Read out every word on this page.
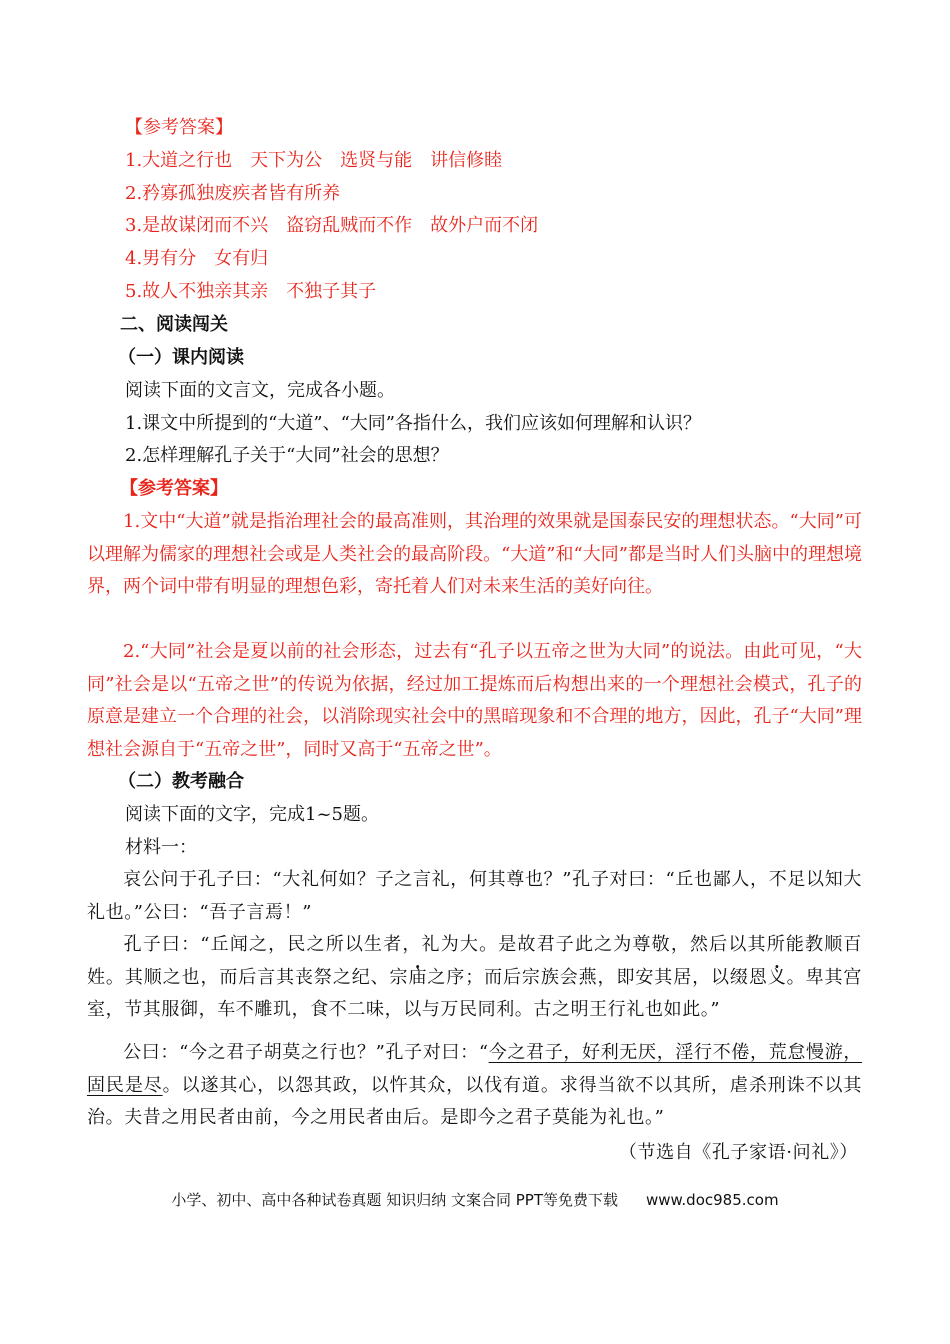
【参考答案】
1.大道之行也　天下为公　选贤与能　讲信修睦
2.矜寡孤独废疾者皆有所养
3.是故谋闭而不兴　盗窃乱贼而不作　故外户而不闭
4.男有分　女有归
5.故人不独亲其亲　不独子其子
二、阅读闯关
（一）课内阅读
阅读下面的文言文，完成各小题。
1.课文中所提到的“大道”、“大同”各指什么，我们应该如何理解和认识？
2.怎样理解孔子关于“大同”社会的思想？
【参考答案】
1.文中“大道”就是指治理社会的最高准则，其治理的效果就是国泰民安的理想状态。“大同”可以理解为儒家的理想社会或是人类社会的最高阶段。“大道”和“大同”都是当时人们头脑中的理想境界，两个词中带有明显的理想色彩，寄托着人们对未来生活的美好向往。
2.“大同”社会是夏以前的社会形态，过去有“孔子以五帝之世为大同”的说法。由此可见，“大同”社会是以“五帝之世”的传说为依据，经过加工提炼而后构想出来的一个理想社会模式，孔子的原意是建立一个合理的社会，以消除现实社会中的黑暗现象和不合理的地方，因此，孔子“大同”理想社会源自于“五帝之世”，同时又高于“五帝之世”。
（二）教考融合
阅读下面的文字，完成1~5题。
材料一：
哀公问于孔子曰：“大礼何如？子之言礼，何其尊也？”孔子对曰：“丘也鄙人，不足以知大礼也。”公曰：“吾子言焉！”
孔子曰：“丘闻之，民之所以生者，礼为大。是故君子此之为尊敬，然后以其所能教顺百姓。其顺之也，而后言其丧祭之纪、宗庙之序；而后宗族会燕，即安其居，以缀恩义。卑其宫室，节其服御，车不雕玑，食不二味，以与万民同利。古之明王行礼也如此。”
公曰：“今之君子胡莫之行也？”孔子对曰：“今之君子，好利无厌，淫行不倦，荒怠慢游，固民是尽。以遂其心，以怨其政，以忤其众，以伐有道。求得当欲不以其所，虐杀刑诛不以其治。夫昔之用民者由前，今之用民者由后。是即今之君子莫能为礼也。”
（节选自《孔子家语·问礼》）
小学、初中、高中各种试卷真题 知识归纳 文案合同 PPT等免费下载 www.doc985.com
